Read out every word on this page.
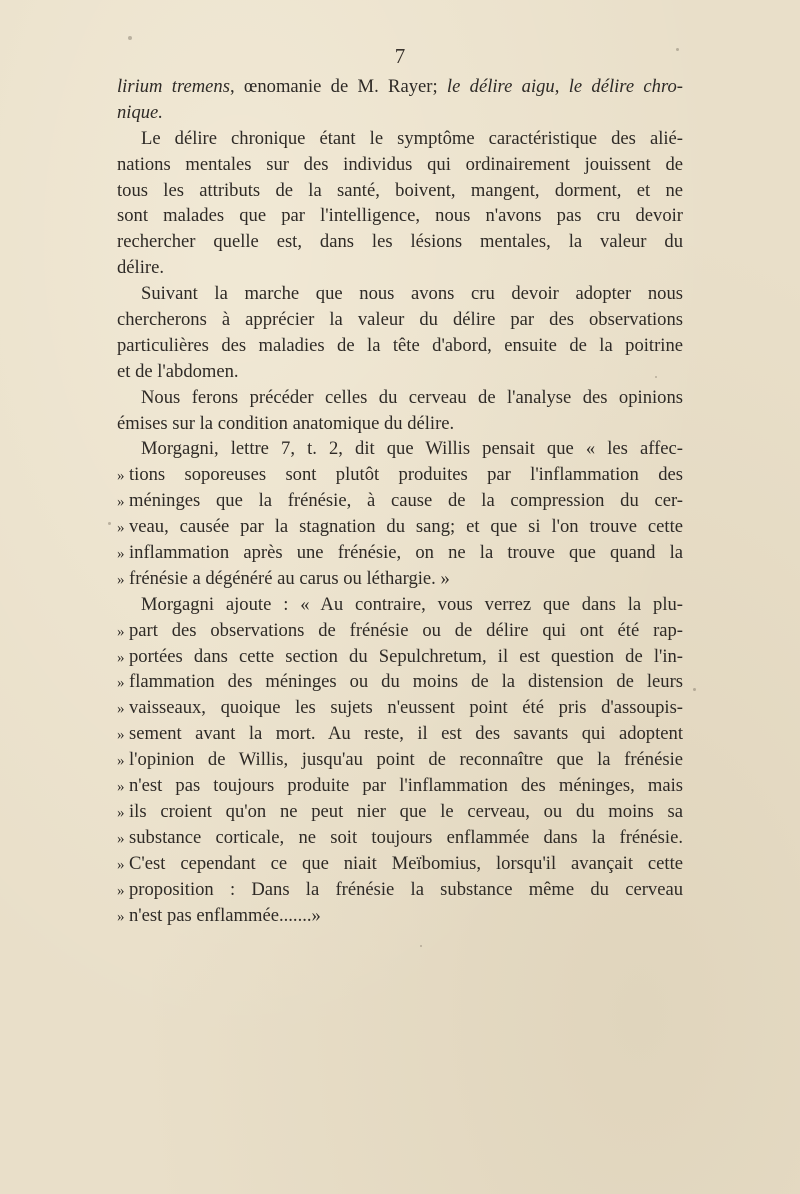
7
lirium tremens, œnomanie de M. Rayer; le délire aigu, le délire chro-
nique.
Le délire chronique étant le symptôme caractéristique des alié-
nations mentales sur des individus qui ordinairement jouissent de
tous les attributs de la santé, boivent, mangent, dorment, et ne
sont malades que par l'intelligence, nous n'avons pas cru devoir
rechercher quelle est, dans les lésions mentales, la valeur du
délire.
Suivant la marche que nous avons cru devoir adopter nous
chercherons à apprécier la valeur du délire par des observations
particulières des maladies de la tête d'abord, ensuite de la poitrine
et de l'abdomen.
Nous ferons précéder celles du cerveau de l'analyse des opinions
émises sur la condition anatomique du délire.
Morgagni, lettre 7, t. 2, dit que Willis pensait que « les affec-
» tions soporeuses sont plutôt produites par l'inflammation des
» méninges que la frénésie, à cause de la compression du cer-
» veau, causée par la stagnation du sang; et que si l'on trouve cette
» inflammation après une frénésie, on ne la trouve que quand la
» frénésie a dégénéré au carus ou léthargie. »
Morgagni ajoute : « Au contraire, vous verrez que dans la plu-
» part des observations de frénésie ou de délire qui ont été rap-
» portées dans cette section du Sepulchretum, il est question de l'in-
» flammation des méninges ou du moins de la distension de leurs
» vaisseaux, quoique les sujets n'eussent point été pris d'assoupis-
» sement avant la mort. Au reste, il est des savants qui adoptent
» l'opinion de Willis, jusqu'au point de reconnaître que la frénésie
» n'est pas toujours produite par l'inflammation des méninges, mais
» ils croient qu'on ne peut nier que le cerveau, ou du moins sa
» substance corticale, ne soit toujours enflammée dans la frénésie.
» C'est cependant ce que niait Meïbomius, lorsqu'il avançait cette
» proposition : Dans la frénésie la substance même du cerveau
» n'est pas enflammée.......»
